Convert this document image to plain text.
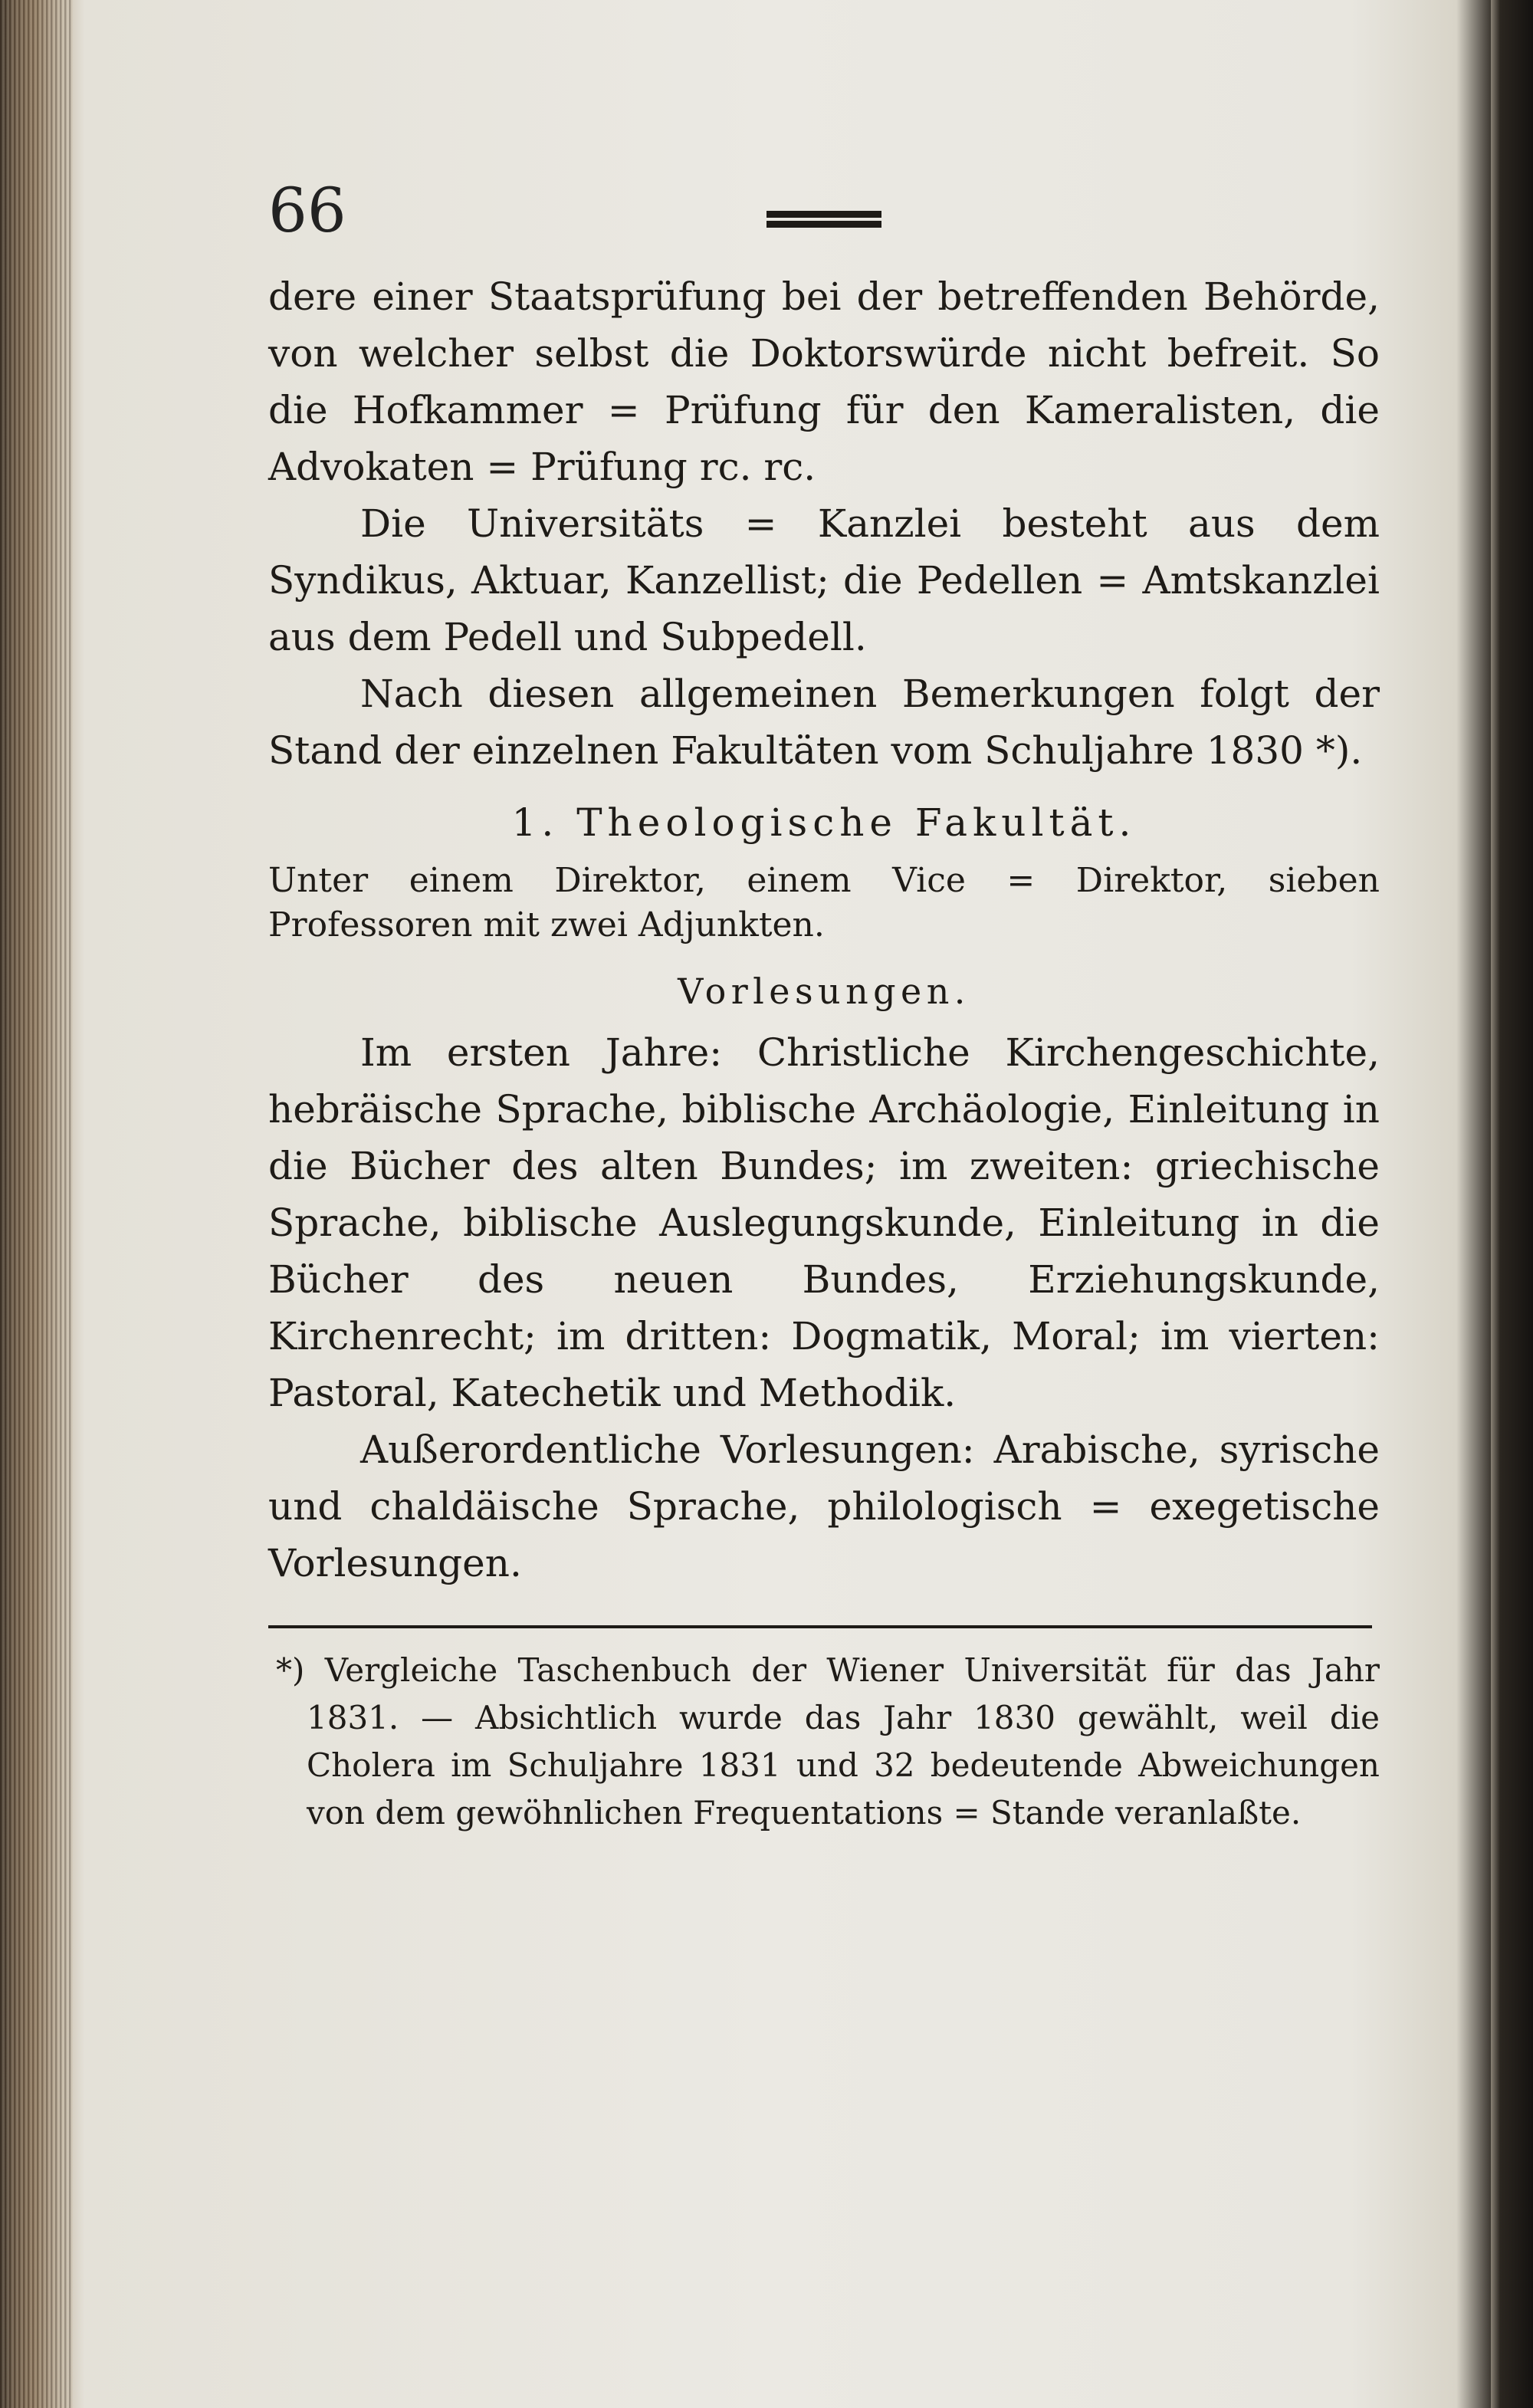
66

dere einer Staatsprüfung bei der betreffenden Behörde, von welcher selbst die Doktorswürde nicht befreit. So die Hofkammer = Prüfung für den Kameralisten, die Advokaten = Prüfung rc. rc.

Die Universitäts = Kanzlei besteht aus dem Syndikus, Aktuar, Kanzellist; die Pedellen = Amtskanzlei aus dem Pedell und Subpedell.

Nach diesen allgemeinen Bemerkungen folgt der Stand der einzelnen Fakultäten vom Schuljahre 1830 *).

1. Theologische Fakultät.

Unter einem Direktor, einem Vice = Direktor, sieben Professoren mit zwei Adjunkten.

Vorlesungen.

Im ersten Jahre: Christliche Kirchengeschichte, hebräische Sprache, biblische Archäologie, Einleitung in die Bücher des alten Bundes; im zweiten: griechische Sprache, biblische Auslegungskunde, Einleitung in die Bücher des neuen Bundes, Erziehungskunde, Kirchenrecht; im dritten: Dogmatik, Moral; im vierten: Pastoral, Katechetik und Methodik.

Außerordentliche Vorlesungen: Arabische, syrische und chaldäische Sprache, philologisch = exegetische Vorlesungen.

*) Vergleiche Taschenbuch der Wiener Universität für das Jahr 1831. — Absichtlich wurde das Jahr 1830 gewählt, weil die Cholera im Schuljahre 1831 und 32 bedeutende Abweichungen von dem gewöhnlichen Frequentations = Stande veranlaßte.
